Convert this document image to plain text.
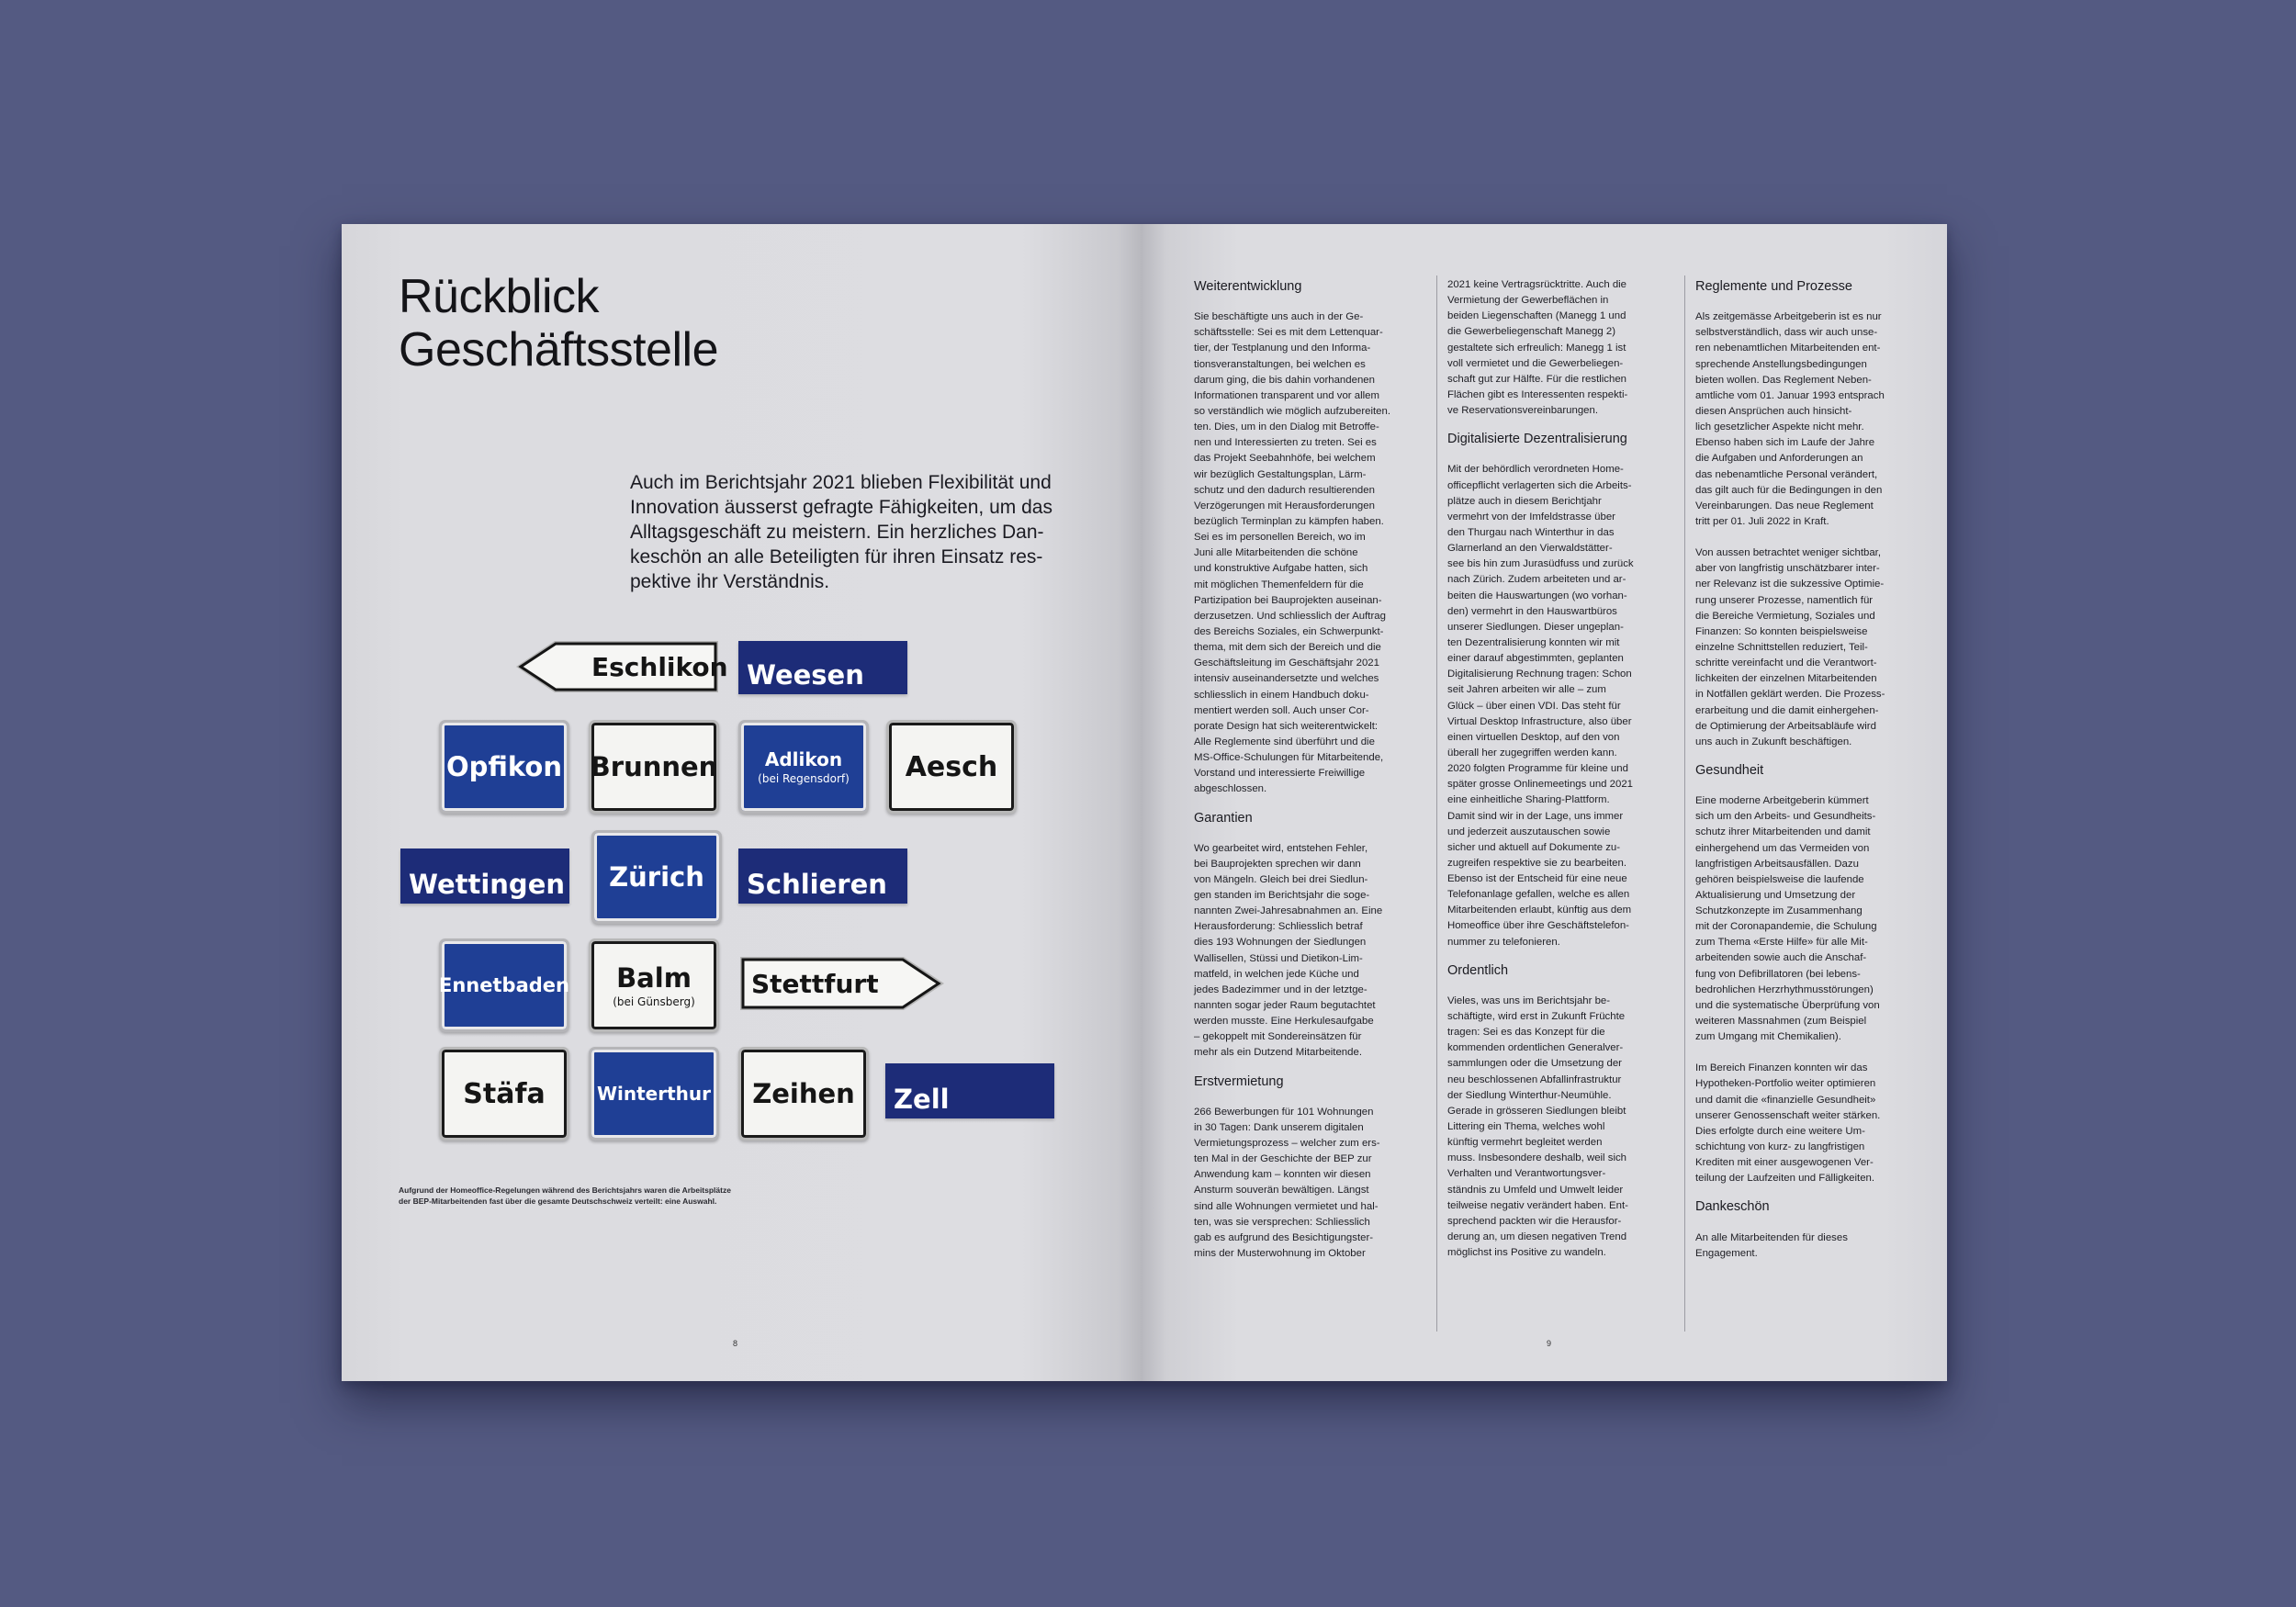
Rückblick
Geschäftsstelle
Auch im Berichtsjahr 2021 blieben Flexibilität und
Innovation äusserst gefragte Fähigkeiten, um das
Alltagsgeschäft zu meistern. Ein herzliches Dan-
keschön an alle Beteiligten für ihren Einsatz res-
pektive ihr Verständnis.
Eschlikon Weesen
Opfikon Brunnen	Adlikon
(bei Regensdorf) Aesch
Wettingen Zürich Schlieren
Ennetbaden Balm
(bei Günsberg)
Stettfurt
Stäfa	Winterthur Zeihen Zell
Aufgrund der Homeoffice-Regelungen während des Berichtsjahrs waren die Arbeitsplätze
der BEP-Mitarbeitenden fast über die gesamte Deutschschweiz verteilt: eine Auswahl.
8
Weiterentwicklung
Sie beschäftigte uns auch in der Ge-
schäftsstelle: Sei es mit dem Lettenquar-
tier, der Testplanung und den Informa-
tionsveranstaltungen, bei welchen es
darum ging, die bis dahin vorhandenen
Informationen transparent und vor allem
so verständlich wie möglich aufzubereiten.
ten. Dies, um in den Dialog mit Betroffe-
nen und Interessierten zu treten. Sei es
das Projekt Seebahnhöfe, bei welchem
wir bezüglich Gestaltungsplan, Lärm-
schutz und den dadurch resultierenden
Verzögerungen mit Herausforderungen
bezüglich Terminplan zu kämpfen haben.
Sei es im personellen Bereich, wo im
Juni alle Mitarbeitenden die schöne
und konstruktive Aufgabe hatten, sich
mit möglichen Themenfeldern für die
Partizipation bei Bauprojekten auseinan-
derzusetzen. Und schliesslich der Auftrag
des Bereichs Soziales, ein Schwerpunkt-
thema, mit dem sich der Bereich und die
Geschäftsleitung im Geschäftsjahr 2021
intensiv auseinandersetzte und welches
schliesslich in einem Handbuch doku-
mentiert werden soll. Auch unser Cor-
porate Design hat sich weiterentwickelt:
Alle Reglemente sind überführt und die
MS-Office-Schulungen für Mitarbeitende,
Vorstand und interessierte Freiwillige
abgeschlossen.
Garantien
Wo gearbeitet wird, entstehen Fehler,
bei Bauprojekten sprechen wir dann
von Mängeln. Gleich bei drei Siedlun-
gen standen im Berichtsjahr die soge-
nannten Zwei-Jahresabnahmen an. Eine
Herausforderung: Schliesslich betraf
dies 193 Wohnungen der Siedlungen
Wallisellen, Stüssi und Dietikon-Lim-
matfeld, in welchen jede Küche und
jedes Badezimmer und in der letztge-
nannten sogar jeder Raum begutachtet
werden musste. Eine Herkulesaufgabe
– gekoppelt mit Sondereinsätzen für
mehr als ein Dutzend Mitarbeitende.
Erstvermietung
266 Bewerbungen für 101 Wohnungen
in 30 Tagen: Dank unserem digitalen
Vermietungsprozess – welcher zum ers-
ten Mal in der Geschichte der BEP zur
Anwendung kam – konnten wir diesen
Ansturm souverän bewältigen. Längst
sind alle Wohnungen vermietet und hal-
ten, was sie versprechen: Schliesslich
gab es aufgrund des Besichtigungster-
mins der Musterwohnung im Oktober
2021 keine Vertragsrücktritte. Auch die
Vermietung der Gewerbeflächen in
beiden Liegenschaften (Manegg 1 und
die Gewerbeliegenschaft Manegg 2)
gestaltete sich erfreulich: Manegg 1 ist
voll vermietet und die Gewerbeliegen-
schaft gut zur Hälfte. Für die restlichen
Flächen gibt es Interessenten respekti-
ve Reservationsvereinbarungen.
Digitalisierte Dezentralisierung
Mit der behördlich verordneten Home-
officepflicht verlagerten sich die Arbeits-
plätze auch in diesem Berichtjahr
vermehrt von der Imfeldstrasse über
den Thurgau nach Winterthur in das
Glarnerland an den Vierwaldstätter-
see bis hin zum Jurasüdfuss und zurück
nach Zürich. Zudem arbeiteten und ar-
beiten die Hauswartungen (wo vorhan-
den) vermehrt in den Hauswartbüros
unserer Siedlungen. Dieser ungeplan-
ten Dezentralisierung konnten wir mit
einer darauf abgestimmten, geplanten
Digitalisierung Rechnung tragen: Schon
seit Jahren arbeiten wir alle – zum
Glück – über einen VDI. Das steht für
Virtual Desktop Infrastructure, also über
einen virtuellen Desktop, auf den von
überall her zugegriffen werden kann.
2020 folgten Programme für kleine und
später grosse Onlinemeetings und 2021
eine einheitliche Sharing-Plattform.
Damit sind wir in der Lage, uns immer
und jederzeit auszutauschen sowie
sicher und aktuell auf Dokumente zu-
zugreifen respektive sie zu bearbeiten.
Ebenso ist der Entscheid für eine neue
Telefonanlage gefallen, welche es allen
Mitarbeitenden erlaubt, künftig aus dem
Homeoffice über ihre Geschäftstelefon-
nummer zu telefonieren.
Ordentlich
Vieles, was uns im Berichtsjahr be-
schäftigte, wird erst in Zukunft Früchte
tragen: Sei es das Konzept für die
kommenden ordentlichen Generalver-
sammlungen oder die Umsetzung der
neu beschlossenen Abfallinfrastruktur
der Siedlung Winterthur-Neumühle.
Gerade in grösseren Siedlungen bleibt
Littering ein Thema, welches wohl
künftig vermehrt begleitet werden
muss. Insbesondere deshalb, weil sich
Verhalten und Verantwortungsver-
ständnis zu Umfeld und Umwelt leider
teilweise negativ verändert haben. Ent-
sprechend packten wir die Herausfor-
derung an, um diesen negativen Trend
möglichst ins Positive zu wandeln.
Reglemente und Prozesse
Als zeitgemässe Arbeitgeberin ist es nur
selbstverständlich, dass wir auch unse-
ren nebenamtlichen Mitarbeitenden ent-
sprechende Anstellungsbedingungen
bieten wollen. Das Reglement Neben-
amtliche vom 01. Januar 1993 entsprach
diesen Ansprüchen auch hinsicht-
lich gesetzlicher Aspekte nicht mehr.
Ebenso haben sich im Laufe der Jahre
die Aufgaben und Anforderungen an
das nebenamtliche Personal verändert,
das gilt auch für die Bedingungen in den
Vereinbarungen. Das neue Reglement
tritt per 01. Juli 2022 in Kraft.
Von aussen betrachtet weniger sichtbar,
aber von langfristig unschätzbarer inter-
ner Relevanz ist die sukzessive Optimie-
rung unserer Prozesse, namentlich für
die Bereiche Vermietung, Soziales und
Finanzen: So konnten beispielsweise
einzelne Schnittstellen reduziert, Teil-
schritte vereinfacht und die Verantwort-
lichkeiten der einzelnen Mitarbeitenden
in Notfällen geklärt werden. Die Prozess-
erarbeitung und die damit einhergehen-
de Optimierung der Arbeitsabläufe wird
uns auch in Zukunft beschäftigen.
Gesundheit
Eine moderne Arbeitgeberin kümmert
sich um den Arbeits- und Gesundheits-
schutz ihrer Mitarbeitenden und damit
einhergehend um das Vermeiden von
langfristigen Arbeitsausfällen. Dazu
gehören beispielsweise die laufende
Aktualisierung und Umsetzung der
Schutzkonzepte im Zusammenhang
mit der Coronapandemie, die Schulung
zum Thema «Erste Hilfe» für alle Mit-
arbeitenden sowie auch die Anschaf-
fung von Defibrillatoren (bei lebens-
bedrohlichen Herzrhythmusstörungen)
und die systematische Überprüfung von
weiteren Massnahmen (zum Beispiel
zum Umgang mit Chemikalien).
Im Bereich Finanzen konnten wir das
Hypotheken-Portfolio weiter optimieren
und damit die «finanzielle Gesundheit»
unserer Genossenschaft weiter stärken.
Dies erfolgte durch eine weitere Um-
schichtung von kurz- zu langfristigen
Krediten mit einer ausgewogenen Ver-
teilung der Laufzeiten und Fälligkeiten.
Dankeschön
An alle Mitarbeitenden für dieses
Engagement.
9
